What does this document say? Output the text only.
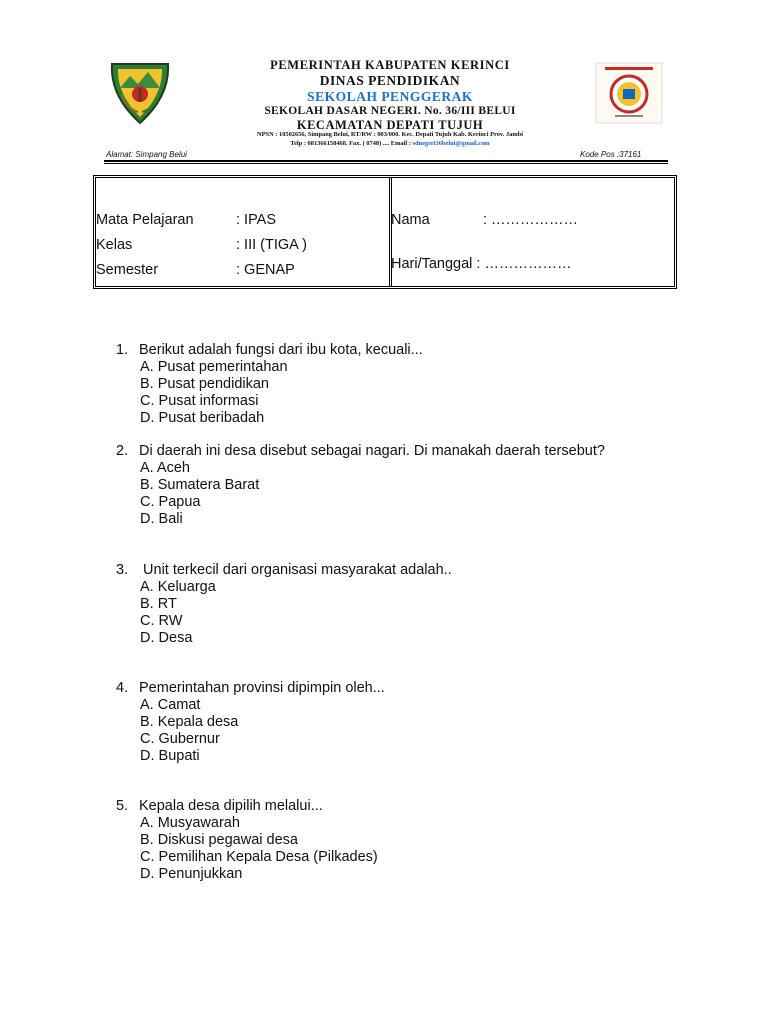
PEMERINTAH KABUPATEN KERINCI
DINAS PENDIDIKAN
SEKOLAH PENGGERAK
SEKOLAH DASAR NEGERI. No. 36/III BELUI
KECAMATAN DEPATI TUJUH
NPSN : 10502656, Simpang Belui, RT/RW : 003/000. Kec. Depati Tujuh Kab. Kerinci Prov. Jambi
Telp : 081366158468. Fax. ( 0748) .... Email : sdnegeri36belui@gmail.com
Alamat: Simpang Belui	Kode Pos :37161
Mata Pelajaran	: IPAS
Kelas	: III (TIGA )
Semester	: GENAP
Nama	: ………………
Hari/Tanggal : ………………
1. Berikut adalah fungsi dari ibu kota, kecuali...
A. Pusat pemerintahan
B. Pusat pendidikan
C. Pusat informasi
D. Pusat beribadah
2. Di daerah ini desa disebut sebagai nagari. Di manakah daerah tersebut?
A. Aceh
B. Sumatera Barat
C. Papua
D. Bali
3. Unit terkecil dari organisasi masyarakat adalah..
A. Keluarga
B. RT
C. RW
D. Desa
4. Pemerintahan provinsi dipimpin oleh...
A. Camat
B. Kepala desa
C. Gubernur
D. Bupati
5. Kepala desa dipilih melalui...
A. Musyawarah
B. Diskusi pegawai desa
C. Pemilihan Kepala Desa (Pilkades)
D. Penunjukkan
